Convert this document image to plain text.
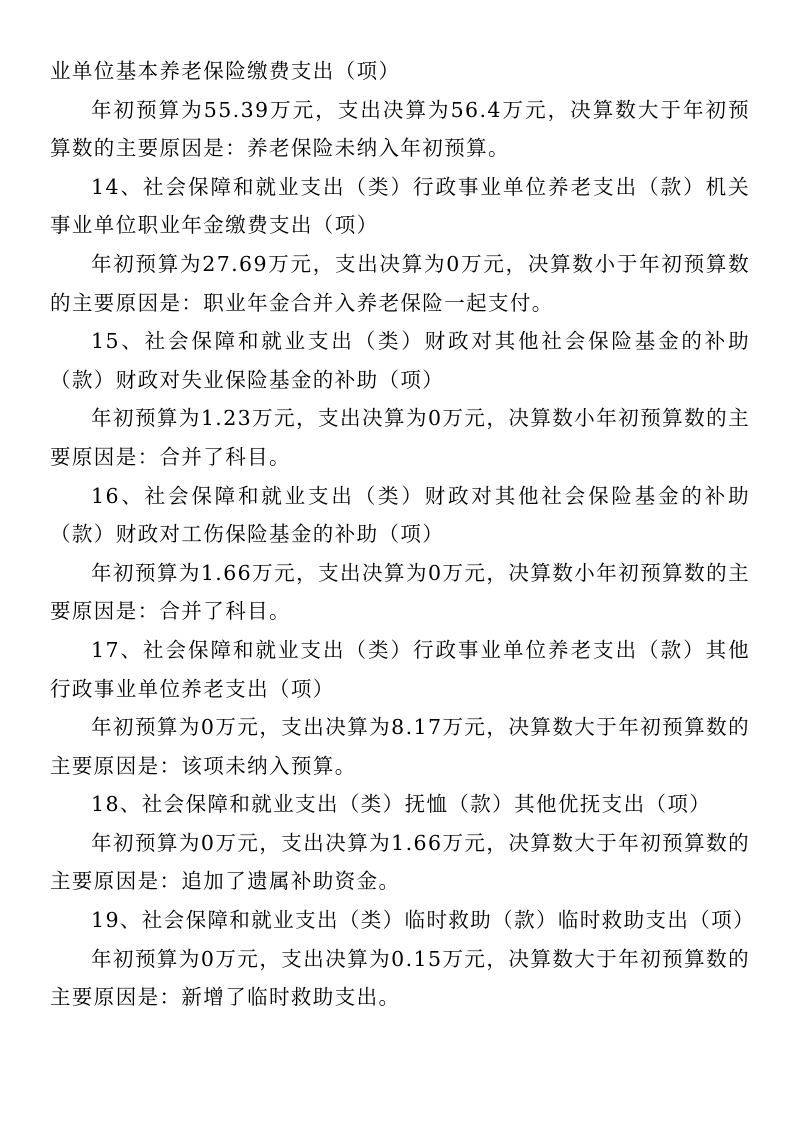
业单位基本养老保险缴费支出（项）

年初预算为55.39万元，支出决算为56.4万元，决算数大于年初预算数的主要原因是：养老保险未纳入年初预算。

14、社会保障和就业支出（类）行政事业单位养老支出（款）机关事业单位职业年金缴费支出（项）

年初预算为27.69万元，支出决算为0万元，决算数小于年初预算数的主要原因是：职业年金合并入养老保险一起支付。

15、社会保障和就业支出（类）财政对其他社会保险基金的补助（款）财政对失业保险基金的补助（项）

年初预算为1.23万元，支出决算为0万元，决算数小年初预算数的主要原因是：合并了科目。

16、社会保障和就业支出（类）财政对其他社会保险基金的补助（款）财政对工伤保险基金的补助（项）

年初预算为1.66万元，支出决算为0万元，决算数小年初预算数的主要原因是：合并了科目。

17、社会保障和就业支出（类）行政事业单位养老支出（款）其他行政事业单位养老支出（项）

年初预算为0万元，支出决算为8.17万元，决算数大于年初预算数的主要原因是：该项未纳入预算。

18、社会保障和就业支出（类）抚恤（款）其他优抚支出（项）

年初预算为0万元，支出决算为1.66万元，决算数大于年初预算数的主要原因是：追加了遗属补助资金。

19、社会保障和就业支出（类）临时救助（款）临时救助支出（项）

年初预算为0万元，支出决算为0.15万元，决算数大于年初预算数的主要原因是：新增了临时救助支出。
